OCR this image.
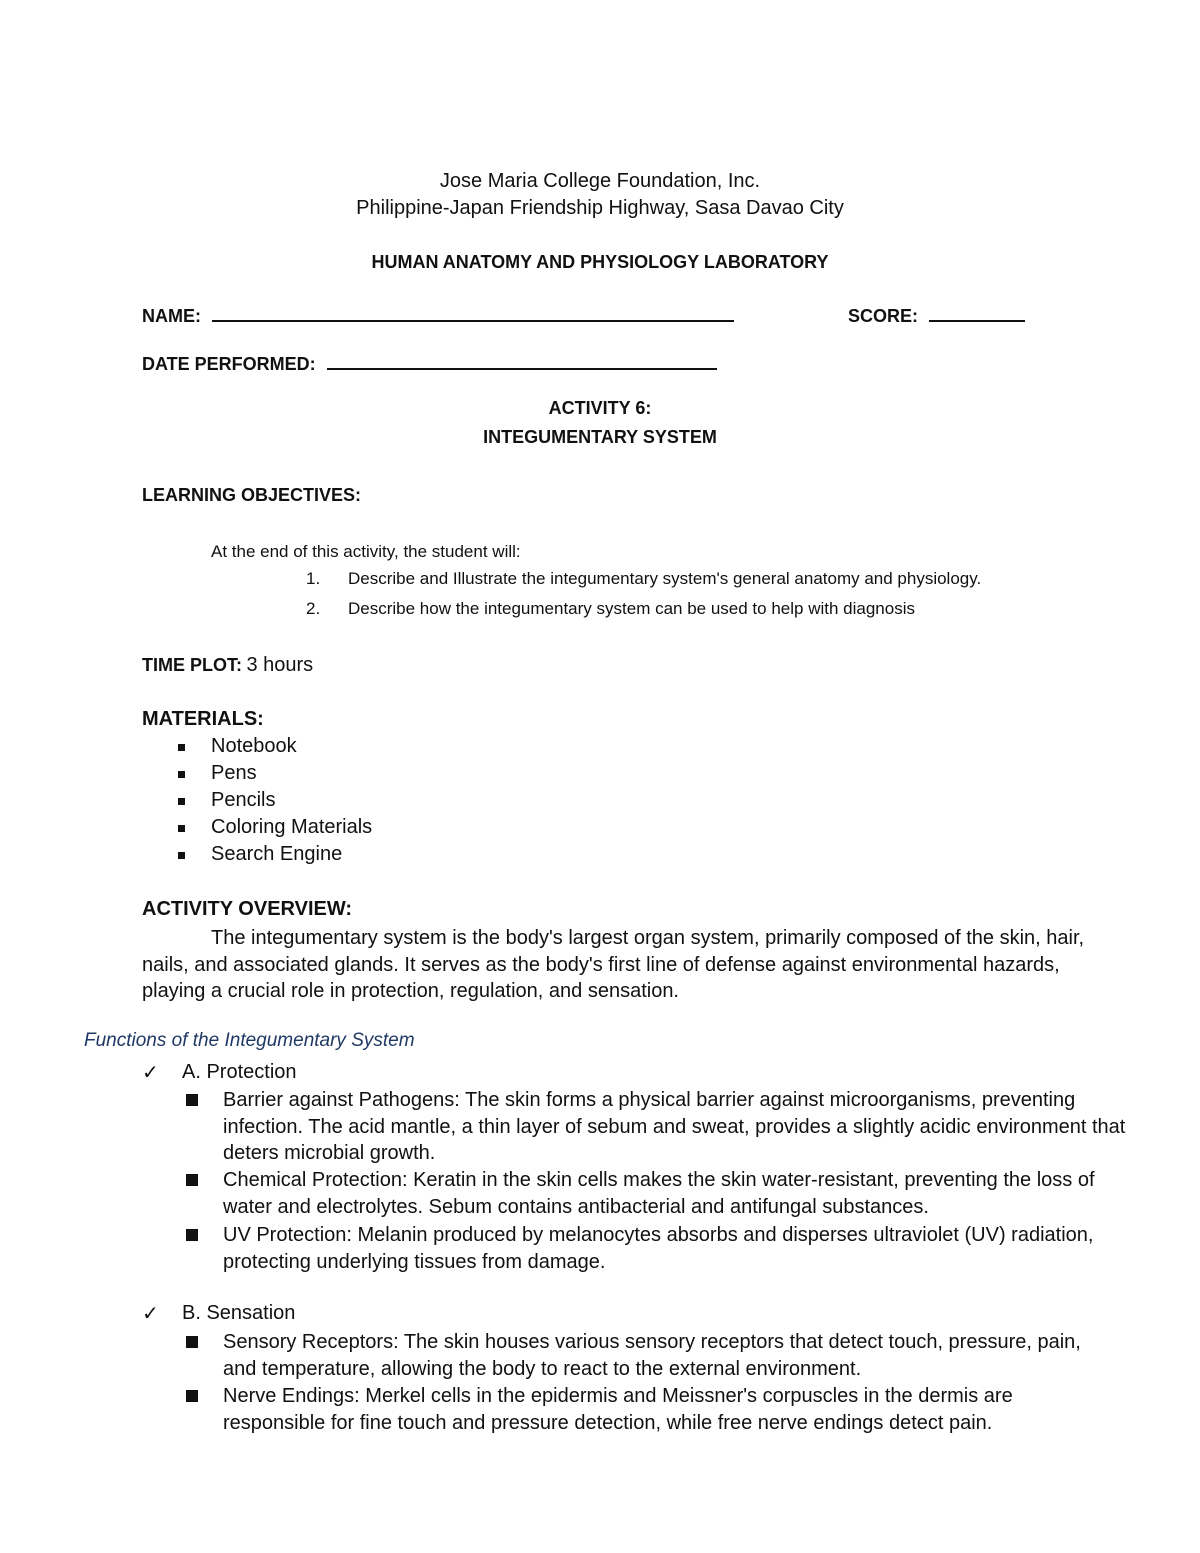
Jose Maria College Foundation, Inc.
Philippine-Japan Friendship Highway, Sasa Davao City
HUMAN ANATOMY AND PHYSIOLOGY LABORATORY
NAME:	SCORE:
DATE PERFORMED:
ACTIVITY 6:
INTEGUMENTARY SYSTEM
LEARNING OBJECTIVES:
At the end of this activity, the student will:
1. Describe and Illustrate the integumentary system's general anatomy and physiology.
2. Describe how the integumentary system can be used to help with diagnosis
TIME PLOT: 3 hours
MATERIALS:
Notebook
Pens
Pencils
Coloring Materials
Search Engine
ACTIVITY OVERVIEW:
The integumentary system is the body's largest organ system, primarily composed of the skin, hair,
nails, and associated glands. It serves as the body's first line of defense against environmental hazards,
playing a crucial role in protection, regulation, and sensation.
Functions of the Integumentary System
✓ A. Protection
Barrier against Pathogens: The skin forms a physical barrier against microorganisms, preventing
infection. The acid mantle, a thin layer of sebum and sweat, provides a slightly acidic environment that
deters microbial growth.
Chemical Protection: Keratin in the skin cells makes the skin water-resistant, preventing the loss of
water and electrolytes. Sebum contains antibacterial and antifungal substances.
UV Protection: Melanin produced by melanocytes absorbs and disperses ultraviolet (UV) radiation,
protecting underlying tissues from damage.
✓ B. Sensation
Sensory Receptors: The skin houses various sensory receptors that detect touch, pressure, pain,
and temperature, allowing the body to react to the external environment.
Nerve Endings: Merkel cells in the epidermis and Meissner's corpuscles in the dermis are
responsible for fine touch and pressure detection, while free nerve endings detect pain.
